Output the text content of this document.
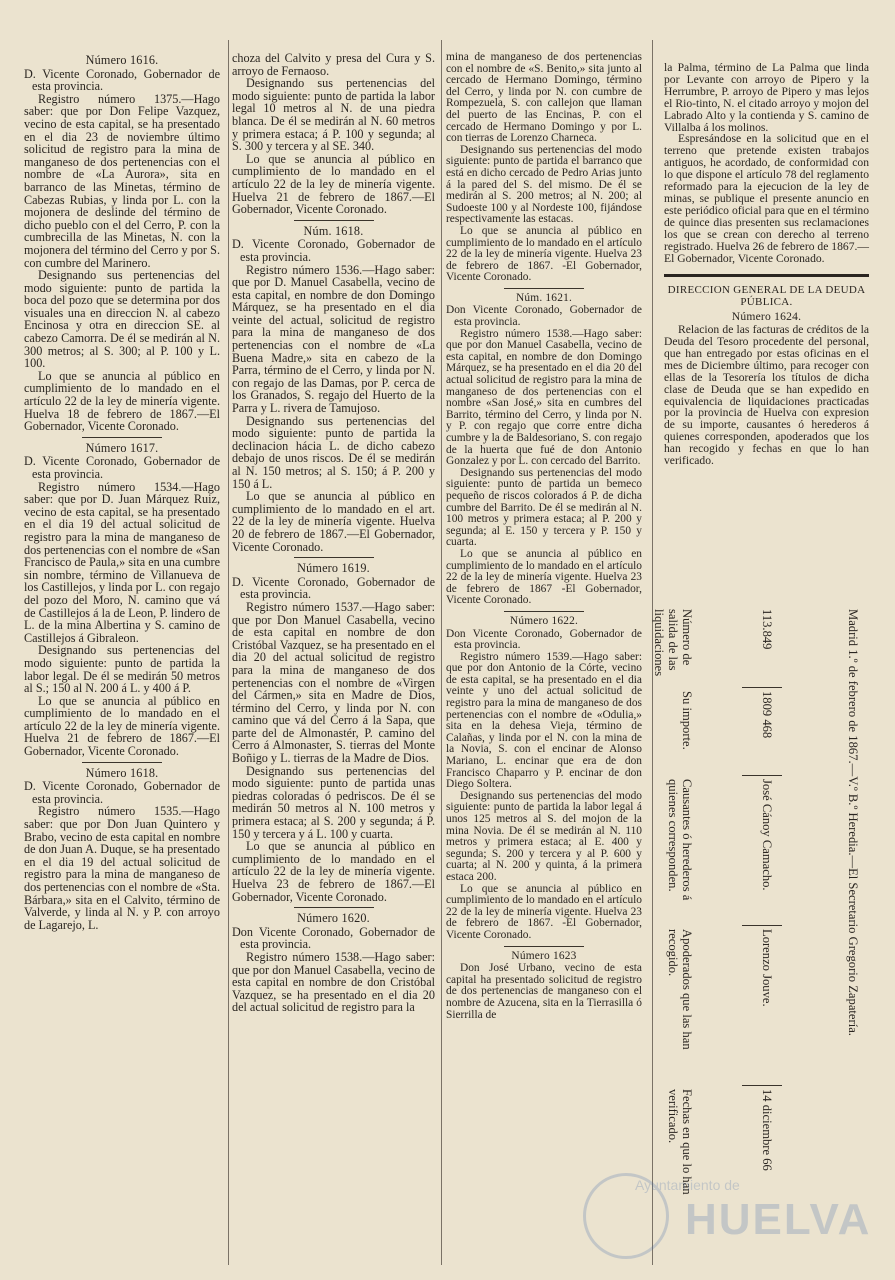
Número 1616.
D. Vicente Coronado, Gobernador de esta provincia.

Registro número 1375.—Hago saber: que por Don Felipe Vazquez, vecino de esta capital, se ha presentado en el dia 23 de noviembre último solicitud de registro para la mina de manganeso de dos pertenencias con el nombre de «La Aurora», sita en barranco de las Minetas, término de Cabezas Rubias, y linda por L. con la mojonera de deslinde del término de dicho pueblo con el del Cerro, P. con la cumbrecilla de las Minetas, N. con la mojonera del término del Cerro y por S. con cumbre del Marinero.

Designando sus pertenencias del modo siguiente: punto de partida la boca del pozo que se determina por dos visuales una en direccion N. al cabezo Encinosa y otra en direccion SE. al cabezo Camorra. De él se medirán al N. 300 metros; al S. 300; al P. 100 y L. 100.

Lo que se anuncia al público en cumplimiento de lo mandado en el artículo 22 de la ley de minería vigente. Huelva 18 de febrero de 1867.—El Gobernador, Vicente Coronado.

Número 1617.
D. Vicente Coronado, Gobernador de esta provincia.

Registro número 1534.—Hago saber: que por D. Juan Márquez Ruiz, vecino de esta capital, se ha presentado en el dia 19 del actual solicitud de registro para la mina de manganeso de dos pertenencias con el nombre de «San Francisco de Paula,» sita en una cumbre sin nombre, término de Villanueva de los Castillejos, y linda por L. con regajo del pozo del Moro, N. camino que vá de Castillejos á la de Leon, P. lindero de L. de la mina Albertina y S. camino de Castillejos á Gibraleon.

Designando sus pertenencias del modo siguiente: punto de partida la labor legal. De él se medirán 50 metros al S.; 150 al N. 200 á L. y 400 á P.

Lo que se anuncia al público en cumplimiento de lo mandado en el artículo 22 de la ley de minería vigente. Huelva 21 de febrero de 1867.—El Gobernador, Vicente Coronado.

Número 1618.
D. Vicente Coronado, Gobernador de esta provincia.

Registro número 1535.—Hago saber: que por Don Juan Quintero y Brabo, vecino de esta capital en nombre de don Juan A. Duque, se ha presentado en el dia 19 del actual solicitud de registro para la mina de manganeso de dos pertenencias con el nombre de «Sta. Bárbara,» sita en el Calvito, término de Valverde, y linda al N. y P. con arroyo de Lagarejo, L.

choza del Calvito y presa del Cura y S. arroyo de Fernaoso.

Designando sus pertenencias del modo siguiente: punto de partida la labor legal 10 metros al N. de una piedra blanca. De él se medirán al N. 60 metros y primera estaca; á P. 100 y segunda; al S. 300 y tercera y al SE. 340.

Lo que se anuncia al público en cumplimiento de lo mandado en el artículo 22 de la ley de minería vigente. Huelva 21 de febrero de 1867.—El Gobernador, Vicente Coronado.

Núm. 1618.
D. Vicente Coronado, Gobernador de esta provincia.

Registro número 1536.—Hago saber: que por D. Manuel Casabella, vecino de esta capital, en nombre de don Domingo Márquez, se ha presentado en el dia veinte del actual, solicitud de registro para la mina de manganeso de dos pertenencias con el nombre de «La Buena Madre,» sita en cabezo de la Parra, término de el Cerro, y linda por N. con regajo de las Damas, por P. cerca de los Granados, S. regajo del Huerto de la Parra y L. rivera de Tamujoso.

Designando sus pertenencias del modo siguiente: punto de partida la declinacion hácia L. de dicho cabezo debajo de unos riscos. De él se medirán al N. 150 metros; al S. 150; á P. 200 y 150 á L.

Lo que se anuncia al público en cumplimiento de lo mandado en el art. 22 de la ley de minería vigente. Huelva 20 de febrero de 1867.—El Gobernador, Vicente Coronado.

Número 1619.
D. Vicente Coronado, Gobernador de esta provincia.

Registro número 1537.—Hago saber: que por Don Manuel Casabella, vecino de esta capital en nombre de don Cristóbal Vazquez, se ha presentado en el dia 20 del actual solicitud de registro para la mina de manganeso de dos pertenencias con el nombre de «Virgen del Cármen,» sita en Madre de Dios, término del Cerro, y linda por N. con camino que vá del Cerro á la Sapa, que parte del de Almonastér, P. camino del Cerro á Almonaster, S. tierras del Monte Boñigo y L. tierras de la Madre de Dios.

Designando sus pertenencias del modo siguiente: punto de partida unas piedras coloradas ó pedriscos. De él se medirán 50 metros al N. 100 metros y primera estaca; al S. 200 y segunda; á P. 150 y tercera y á L. 100 y cuarta.

Lo que se anuncia al público en cumplimiento de lo mandado en el artículo 22 de la ley de minería vigente. Huelva 23 de febrero de 1867.—El Gobernador, Vicente Coronado.

Número 1620.
Don Vicente Coronado, Gobernador de esta provincia.

Registro número 1538.—Hago saber: que por don Manuel Casabella, vecino de esta capital en nombre de don Cristóbal Vazquez, se ha presentado en el dia 20 del actual solicitud de registro para la

mina de manganeso de dos pertenencias con el nombre de «S. Benito,» sita junto al cercado de Hermano Domingo, término del Cerro, y linda por N. con cumbre de Rompezuela, S. con callejon que llaman del puerto de las Encinas, P. con el cercado de Hermano Domingo y por L. con tierras de Lorenzo Charneca.

Designando sus pertenencias del modo siguiente: punto de partida el barranco que está en dicho cercado de Pedro Arias junto á la pared del S. del mismo. De él se medirán al S. 200 metros; al N. 200; al Sudoeste 100 y al Nordeste 100, fijándose respectivamente las estacas.

Lo que se anuncia al público en cumplimiento de lo mandado en el artículo 22 de la ley de minería vigente. Huelva 23 de febrero de 1867. -El Gobernador, Vicente Coronado.

Núm. 1621.
Don Vicente Coronado, Gobernador de esta provincia.

Registro número 1538.—Hago saber: que por don Manuel Casabella, vecino de esta capital, en nombre de don Domingo Márquez, se ha presentado en el dia 20 del actual solicitud de registro para la mina de manganeso de dos pertenencias con el nombre «San José,» sita en cumbres del Barrito, término del Cerro, y linda por N. y P. con regajo que corre entre dicha cumbre y la de Baldesoriano, S. con regajo de la huerta que fué de don Antonio Gonzalez y por L. con cercado del Barrito.

Designando sus pertenencias del modo siguiente: punto de partida un bemeco pequeño de riscos colorados á P. de dicha cumbre del Barrito. De él se medirán al N. 100 metros y primera estaca; al P. 200 y segunda; al E. 150 y tercera y P. 150 y cuarta.

Lo que se anuncia al público en cumplimiento de lo mandado en el artículo 22 de la ley de minería vigente. Huelva 23 de febrero de 1867 -El Gobernador, Vicente Coronado.

Número 1622.
Don Vicente Coronado, Gobernador de esta provincia.

Registro número 1539.—Hago saber: que por don Antonio de la Córte, vecino de esta capital, se ha presentado en el dia veinte y uno del actual solicitud de registro para la mina de manganeso de dos pertenencias con el nombre de «Odulia,» sita en la dehesa Vieja, término de Calañas, y linda por el N. con la mina de la Novia, S. con el encinar de Alonso Mariano, L. encinar que era de don Francisco Chaparro y P. encinar de don Diego Soltera.

Designando sus pertenencias del modo siguiente: punto de partida la labor legal á unos 125 metros al S. del mojon de la mina Novia. De él se medirán al N. 110 metros y primera estaca; al E. 400 y segunda; S. 200 y tercera y al P. 600 y cuarta; al N. 200 y quinta, á la primera estaca 200.

Lo que se anuncia al público en cumplimiento de lo mandado en el artículo 22 de la ley de minería vigente. Huelva 23 de febrero de 1867. -El Gobernador, Vicente Coronado.

Número 1623

Don José Urbano, vecino de esta capital ha presentado solicitud de registro de dos pertenencias de manganeso con el nombre de Azucena, sita en la Tierrasilla ó Sierrilla de

la Palma, término de La Palma que linda por Levante con arroyo de Pipero y la Herrumbre, P. arroyo de Pipero y mas lejos el Rio-tinto, N. el citado arroyo y mojon del Labrado Alto y la contienda y S. camino de Villalba á los molinos.

Espresándose en la solicitud que en el terreno que pretende existen trabajos antiguos, he acordado, de conformidad con lo que dispone el artículo 78 del reglamento reformado para la ejecucion de la ley de minas, se publique el presente anuncio en este periódico oficial para que en el término de quince dias presenten sus reclamaciones los que se crean con derecho al terreno registrado. Huelva 26 de febrero de 1867.—El Gobernador, Vicente Coronado.

DIRECCION GENERAL DE LA DEUDA PÚBLICA.
Número 1624.

Relacion de las facturas de créditos de la Deuda del Tesoro procedente del personal, que han entregado por estas oficinas en el mes de Diciembre último, para recoger con ellas de la Tesorería los títulos de dicha clase de Deuda que se han expedido en equivalencia de liquidaciones practicadas por la provincia de Huelva con expresion de su importe, causantes ó herederos á quienes corresponden, apoderados que los han recogido y fechas en que lo han verificado.

Número de salida de las liquidaciones
Su importe.
Causantes ó herederos á quienes corresponden.
Apoderados que las han recogido.
Fechas en que lo han verificado.
113.849
1809 468
José Cánoy Camacho.
Lorenzo Jouve.
14 diciembre 66
Madrid 1.º de febrero de 1867.—V.º B.º Heredia.—El Secretario Gregorio Zapatería.
Ayuntamiento de
HUELVA
